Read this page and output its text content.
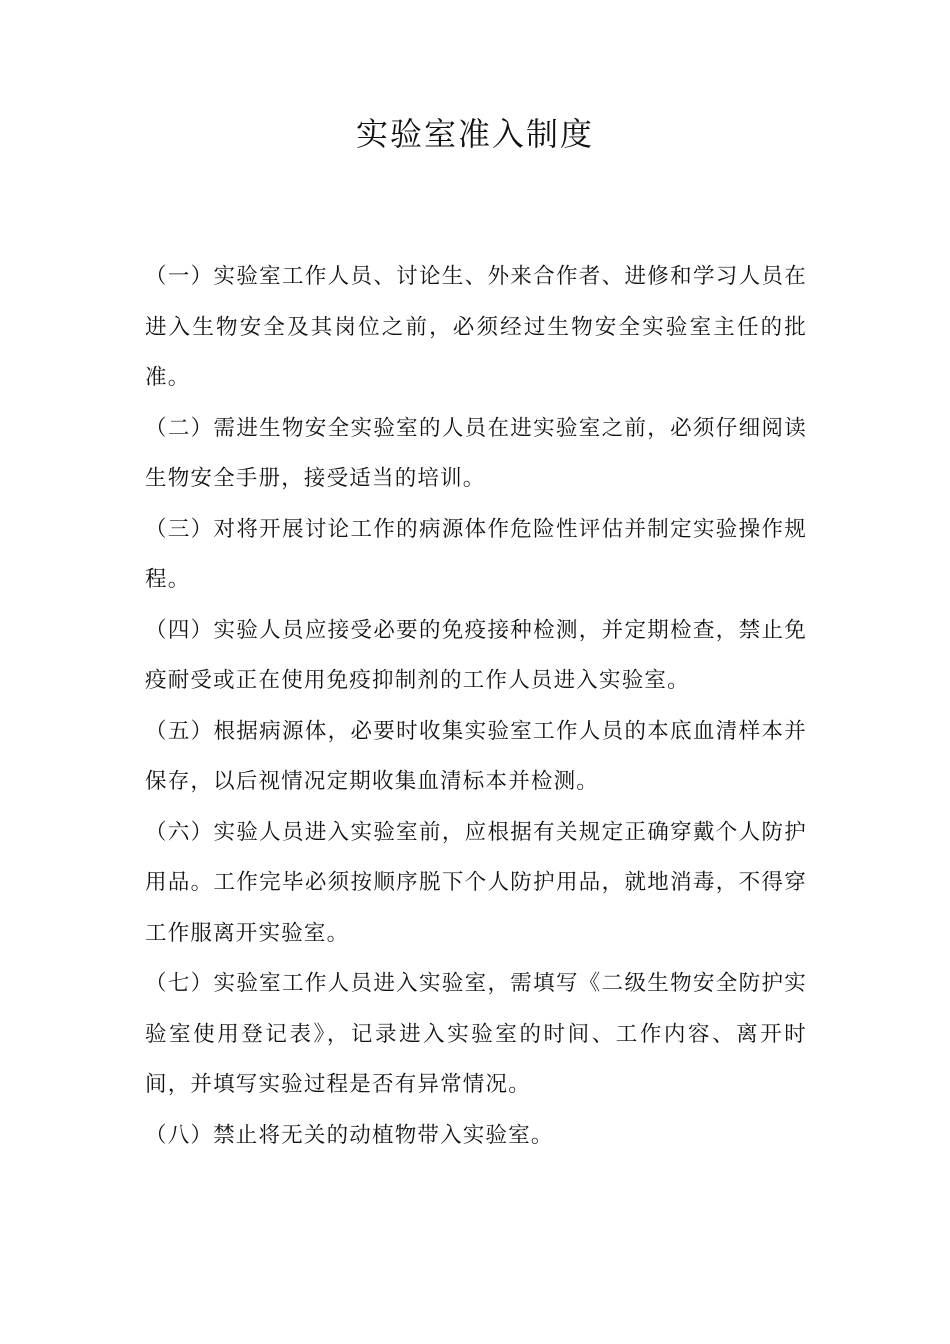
实验室准入制度

（一）实验室工作人员、讨论生、外来合作者、进修和学习人员在进入生物安全及其岗位之前，必须经过生物安全实验室主任的批准。

（二）需进生物安全实验室的人员在进实验室之前，必须仔细阅读生物安全手册，接受适当的培训。

（三）对将开展讨论工作的病源体作危险性评估并制定实验操作规程。

（四）实验人员应接受必要的免疫接种检测，并定期检查，禁止免疫耐受或正在使用免疫抑制剂的工作人员进入实验室。

（五）根据病源体，必要时收集实验室工作人员的本底血清样本并保存，以后视情况定期收集血清标本并检测。

（六）实验人员进入实验室前，应根据有关规定正确穿戴个人防护用品。工作完毕必须按顺序脱下个人防护用品，就地消毒，不得穿工作服离开实验室。

（七）实验室工作人员进入实验室，需填写《二级生物安全防护实验室使用登记表》，记录进入实验室的时间、工作内容、离开时间，并填写实验过程是否有异常情况。

（八）禁止将无关的动植物带入实验室。
